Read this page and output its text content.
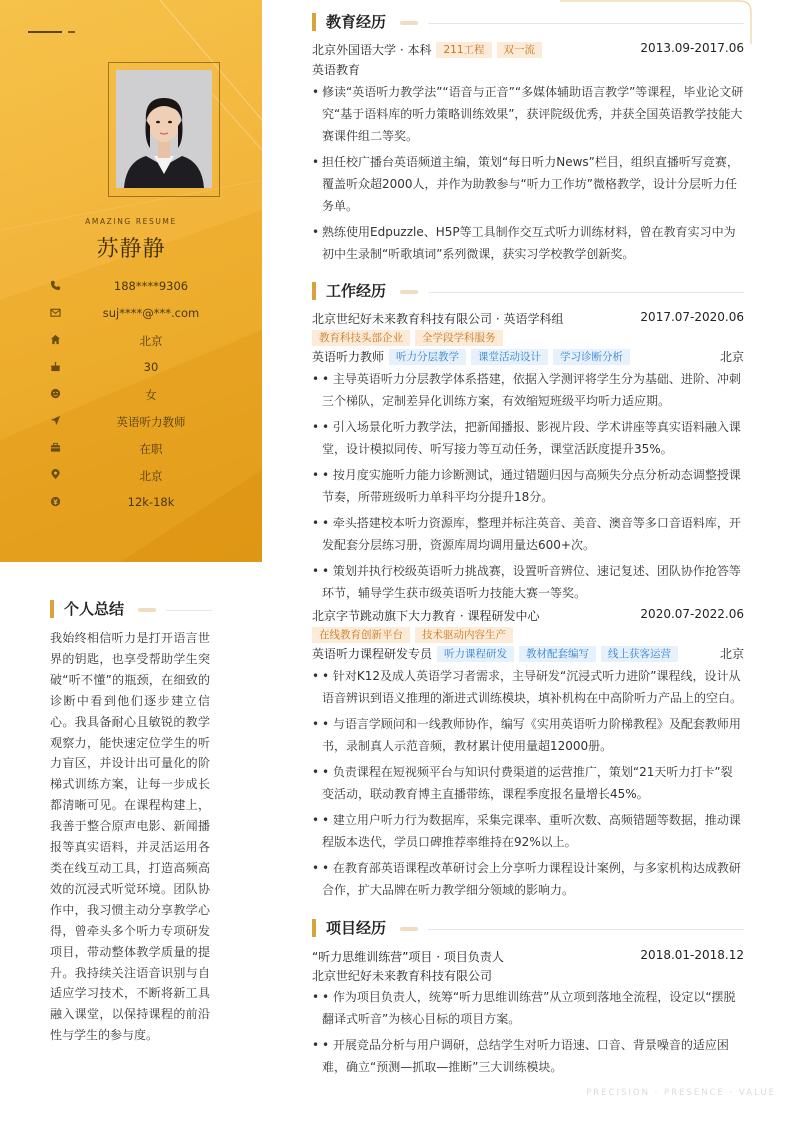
AMAZING RESUME
苏静静
188****9306
suj****@***.com
北京
30
女
英语听力教师
在职
北京
12k-18k
个人总结

我始终相信听力是打开语言世界的钥匙，也享受帮助学生突破“听不懂”的瓶颈，在细致的诊断中看到他们逐步建立信心。我具备耐心且敏锐的教学观察力，能快速定位学生的听力盲区，并设计出可量化的阶梯式训练方案，让每一步成长都清晰可见。在课程构建上，我善于整合原声电影、新闻播报等真实语料，并灵活运用各类在线互动工具，打造高频高效的沉浸式听觉环境。团队协作中，我习惯主动分享教学心得，曾牵头多个听力专项研发项目，带动整体教学质量的提升。我持续关注语音识别与自适应学习技术，不断将新工具融入课堂，以保持课程的前沿性与学生的参与度。

教育经历
北京外国语大学 · 本科 211工程 双一流	2013.09-2017.06
英语教育
• 修读“英语听力教学法”“语音与正音”“多媒体辅助语言教学”等课程，毕业论文研究“基于语料库的听力策略训练效果”，获评院级优秀，并获全国英语教学技能大赛课件组二等奖。
• 担任校广播台英语频道主编，策划“每日听力News”栏目，组织直播听写竞赛，覆盖听众超2000人，并作为助教参与“听力工作坊”微格教学，设计分层听力任务单。
• 熟练使用Edpuzzle、H5P等工具制作交互式听力训练材料，曾在教育实习中为初中生录制“听歌填词”系列微课，获实习学校教学创新奖。
工作经历
北京世纪好未来教育科技有限公司 · 英语学科组	2017.07-2020.06
教育科技头部企业 全学段学科服务
英语听力教师 听力分层教学 课堂活动设计 学习诊断分析	北京
• • 主导英语听力分层教学体系搭建，依据入学测评将学生分为基础、进阶、冲刺三个梯队，定制差异化训练方案，有效缩短班级平均听力适应期。
• • 引入场景化听力教学法，把新闻播报、影视片段、学术讲座等真实语料融入课堂，设计模拟同传、听写接力等互动任务，课堂活跃度提升35%。
• • 按月度实施听力能力诊断测试，通过错题归因与高频失分点分析动态调整授课节奏，所带班级听力单科平均分提升18分。
• • 牵头搭建校本听力资源库，整理并标注英音、美音、澳音等多口音语料库，开发配套分层练习册，资源库周均调用量达600+次。
• • 策划并执行校级英语听力挑战赛，设置听音辨位、速记复述、团队协作抢答等环节，辅导学生获市级英语听力技能大赛一等奖。
北京字节跳动旗下大力教育 · 课程研发中心	2020.07-2022.06
在线教育创新平台 技术驱动内容生产
英语听力课程研发专员 听力课程研发 教材配套编写 线上获客运营	北京
• • 针对K12及成人英语学习者需求，主导研发“沉浸式听力进阶”课程线，设计从语音辨识到语义推理的渐进式训练模块，填补机构在中高阶听力产品上的空白。
• • 与语言学顾问和一线教师协作，编写《实用英语听力阶梯教程》及配套教师用书，录制真人示范音频，教材累计使用量超12000册。
• • 负责课程在短视频平台与知识付费渠道的运营推广，策划“21天听力打卡”裂变活动，联动教育博主直播带练，课程季度报名量增长45%。
• • 建立用户听力行为数据库，采集完课率、重听次数、高频错题等数据，推动课程版本迭代，学员口碑推荐率维持在92%以上。
• • 在教育部英语课程改革研讨会上分享听力课程设计案例，与多家机构达成教研合作，扩大品牌在听力教学细分领域的影响力。
项目经历
“听力思维训练营”项目 · 项目负责人	2018.01-2018.12
北京世纪好未来教育科技有限公司
• • 作为项目负责人，统筹“听力思维训练营”从立项到落地全流程，设定以“摆脱翻译式听音”为核心目标的项目方案。
• • 开展竞品分析与用户调研，总结学生对听力语速、口音、背景噪音的适应困难，确立“预测—抓取—推断”三大训练模块。
PRECISION · PRESENCE · VALUE
